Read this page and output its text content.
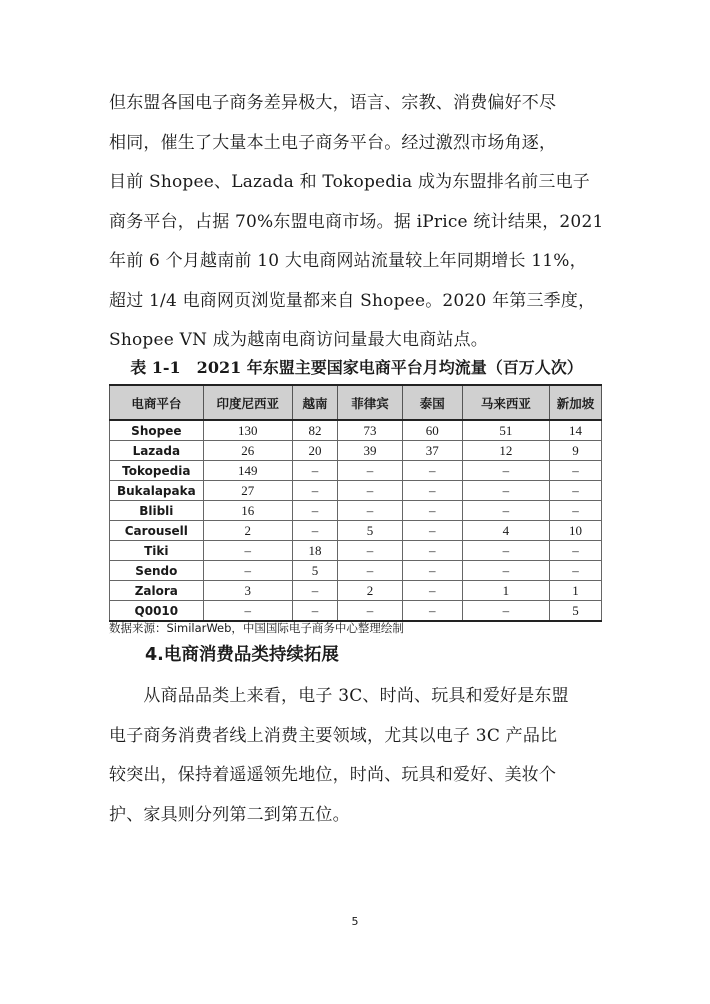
但东盟各国电子商务差异极大，语言、宗教、消费偏好不尽
相同，催生了大量本土电子商务平台。经过激烈市场角逐，
目前 Shopee、Lazada 和 Tokopedia 成为东盟排名前三电子
商务平台，占据 70%东盟电商市场。据 iPrice 统计结果，2021
年前 6 个月越南前 10 大电商网站流量较上年同期增长 11%，
超过 1/4 电商网页浏览量都来自 Shopee。2020 年第三季度，
Shopee VN 成为越南电商访问量最大电商站点。
表 1-1　2021 年东盟主要国家电商平台月均流量（百万人次）
电商平台	印度尼西亚	越南	菲律宾	泰国	马来西亚	新加坡
Shopee	130	82	73	60	51	14
Lazada	26	20	39	37	12	9
Tokopedia	149	–	–	–	–	–
Bukalapaka	27	–	–	–	–	–
Blibli	16	–	–	–	–	–
Carousell	2	–	5	–	4	10
Tiki	–	18	–	–	–	–
Sendo	–	5	–	–	–	–
Zalora	3	–	2	–	1	1
Q0010	–	–	–	–	–	5
数据来源：SimilarWeb，中国国际电子商务中心整理绘制
4.电商消费品类持续拓展
　　从商品品类上来看，电子 3C、时尚、玩具和爱好是东盟
电子商务消费者线上消费主要领域，尤其以电子 3C 产品比
较突出，保持着遥遥领先地位，时尚、玩具和爱好、美妆个
护、家具则分列第二到第五位。
5
